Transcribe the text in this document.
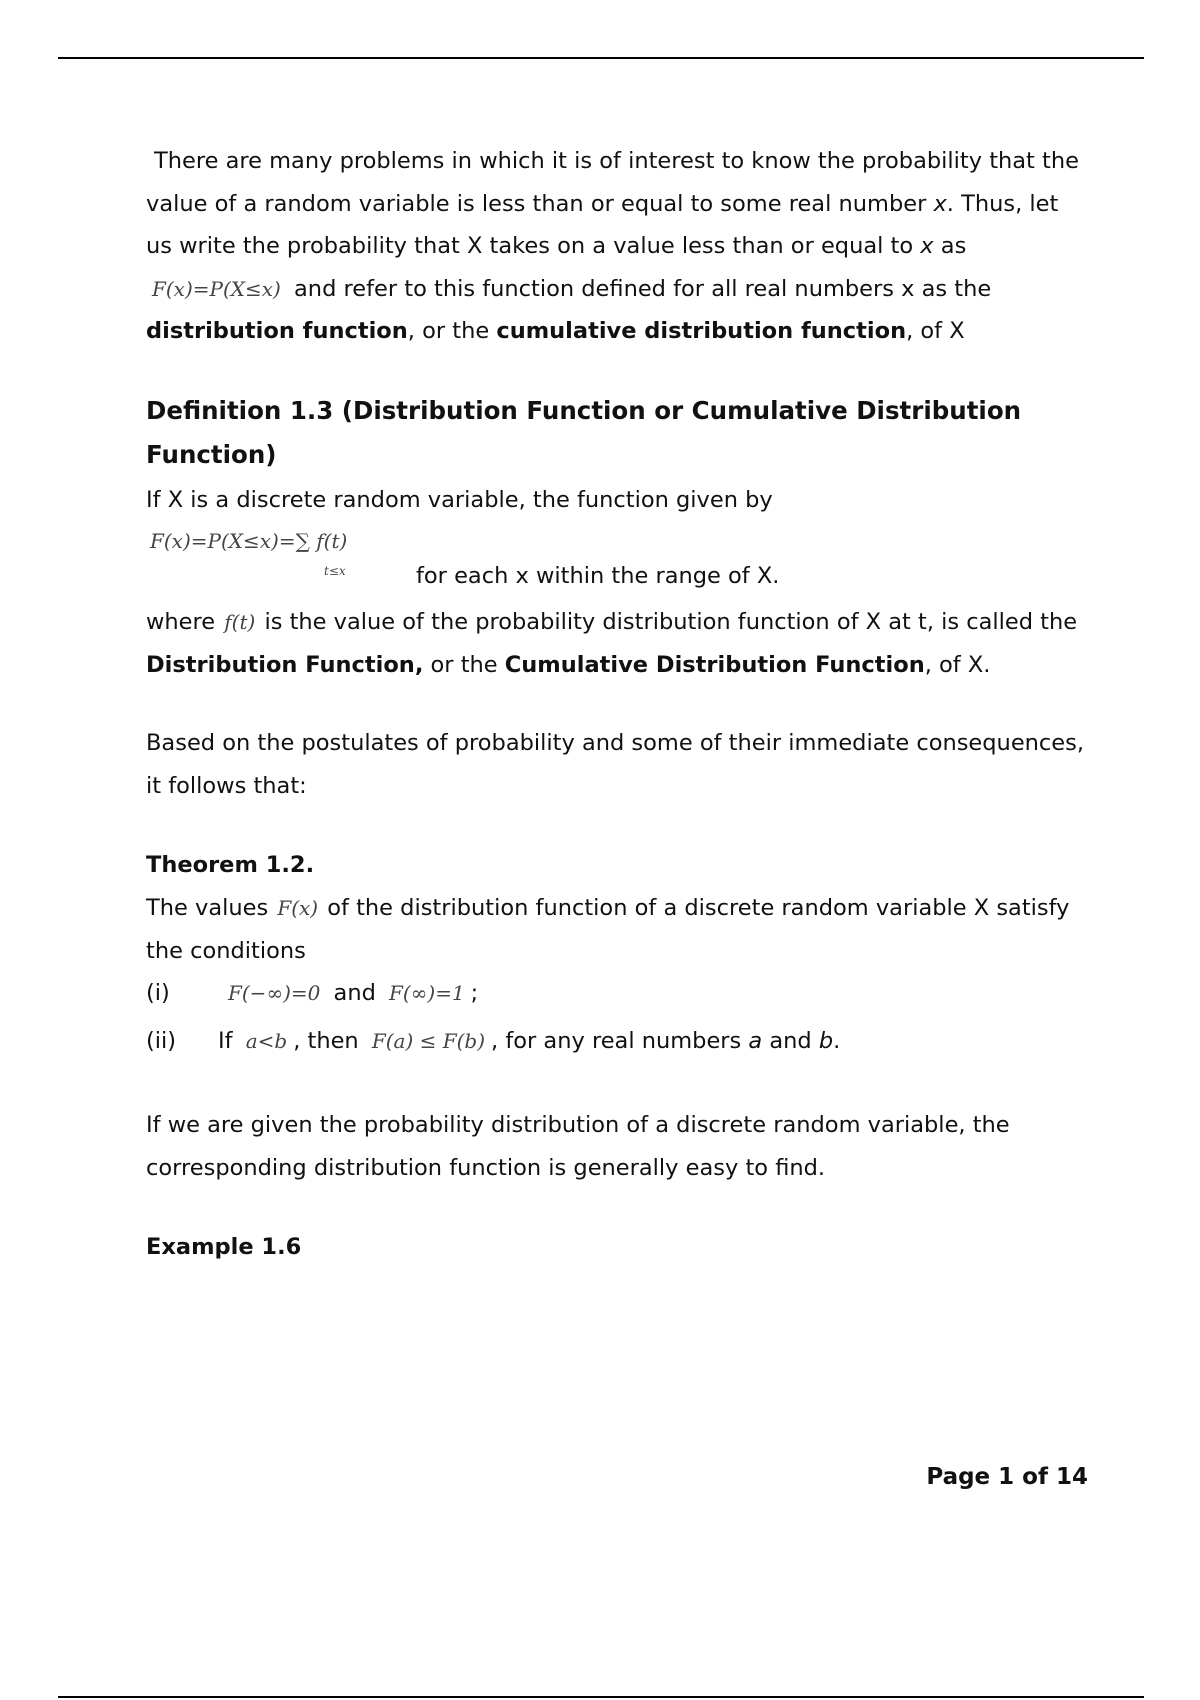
There are many problems in which it is of interest to know the probability that the value of a random variable is less than or equal to some real number x. Thus, let us write the probability that X takes on a value less than or equal to x as

F(x)=P(X≤x) and refer to this function defined for all real numbers x as the distribution function, or the cumulative distribution function, of X

Definition 1.3 (Distribution Function or Cumulative Distribution Function)

If X is a discrete random variable, the function given by

F(x)=P(X≤x)=∑ f(t)
t≤x	for each x within the range of X.

where f(t) is the value of the probability distribution function of X at t, is called the Distribution Function, or the Cumulative Distribution Function, of X.

Based on the postulates of probability and some of their immediate consequences, it follows that:

Theorem 1.2.

The values F(x) of the distribution function of a discrete random variable X satisfy the conditions

(i)	F(−∞)=0 and F(∞)=1 ;
(ii) If a<b , then F(a) ≤ F(b) , for any real numbers a and b.

If we are given the probability distribution of a discrete random variable, the corresponding distribution function is generally easy to find.

Example 1.6

Page 1 of 14
